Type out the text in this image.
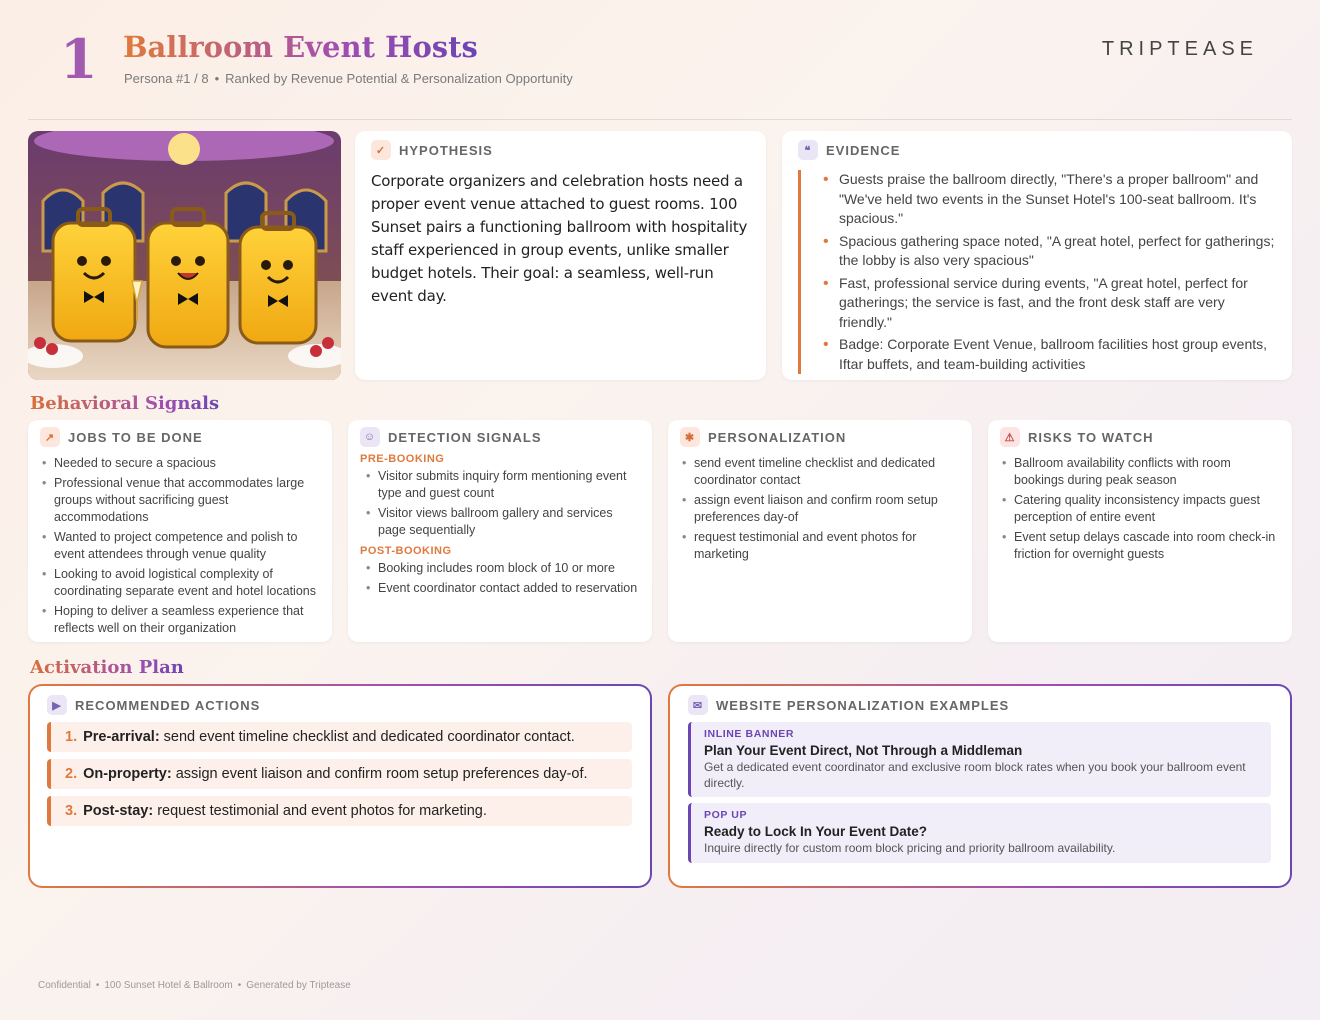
1 Ballroom Event Hosts
Persona #1 / 8 • Ranked by Revenue Potential & Personalization Opportunity
TRIPTEASE
✓ HYPOTHESIS

Corporate organizers and celebration hosts need a proper event venue attached to guest rooms. 100 Sunset pairs a functioning ballroom with hospitality staff experienced in group events, unlike smaller budget hotels. Their goal: a seamless, well-run event day.

❝	EVIDENCE
• Guests praise the ballroom directly, "There's a proper ballroom" and "We've held two events in the Sunset Hotel's 100-seat ballroom. It's spacious."
• Spacious gathering space noted, "A great hotel, perfect for gatherings; the lobby is also very spacious"
• Fast, professional service during events, "A great hotel, perfect for gatherings; the service is fast, and the front desk staff are very friendly."
• Badge: Corporate Event Venue, ballroom facilities host group events, Iftar buffets, and team-building activities
Behavioral Signals
↗ JOBS TO BE DONE
• Needed to secure a spacious
• Professional venue that accommodates large groups without sacrificing guest accommodations
• Wanted to project competence and polish to event attendees through venue quality
• Looking to avoid logistical complexity of coordinating separate event and hotel locations
• Hoping to deliver a seamless experience that reflects well on their organization
☺ DETECTION SIGNALS
PRE-BOOKING
• Visitor submits inquiry form mentioning event type and guest count
• Visitor views ballroom gallery and services page sequentially
POST-BOOKING
• Booking includes room block of 10 or more
• Event coordinator contact added to reservation
✱ PERSONALIZATION
• send event timeline checklist and dedicated coordinator contact
• assign event liaison and confirm room setup preferences day-of
• request testimonial and event photos for marketing
⚠ RISKS TO WATCH
• Ballroom availability conflicts with room bookings during peak season
• Catering quality inconsistency impacts guest perception of entire event
• Event setup delays cascade into room check-in friction for overnight guests
Activation Plan
▶	RECOMMENDED ACTIONS
1. Pre-arrival: send event timeline checklist and dedicated coordinator contact.
2. On-property: assign event liaison and confirm room setup preferences day-of.
3. Post-stay: request testimonial and event photos for marketing.
✉ WEBSITE PERSONALIZATION EXAMPLES
INLINE BANNER
Plan Your Event Direct, Not Through a Middleman
Get a dedicated event coordinator and exclusive room block rates when you book your ballroom event directly.
POP UP
Ready to Lock In Your Event Date?
Inquire directly for custom room block pricing and priority ballroom availability.
Confidential • 100 Sunset Hotel & Ballroom • Generated by Triptease
